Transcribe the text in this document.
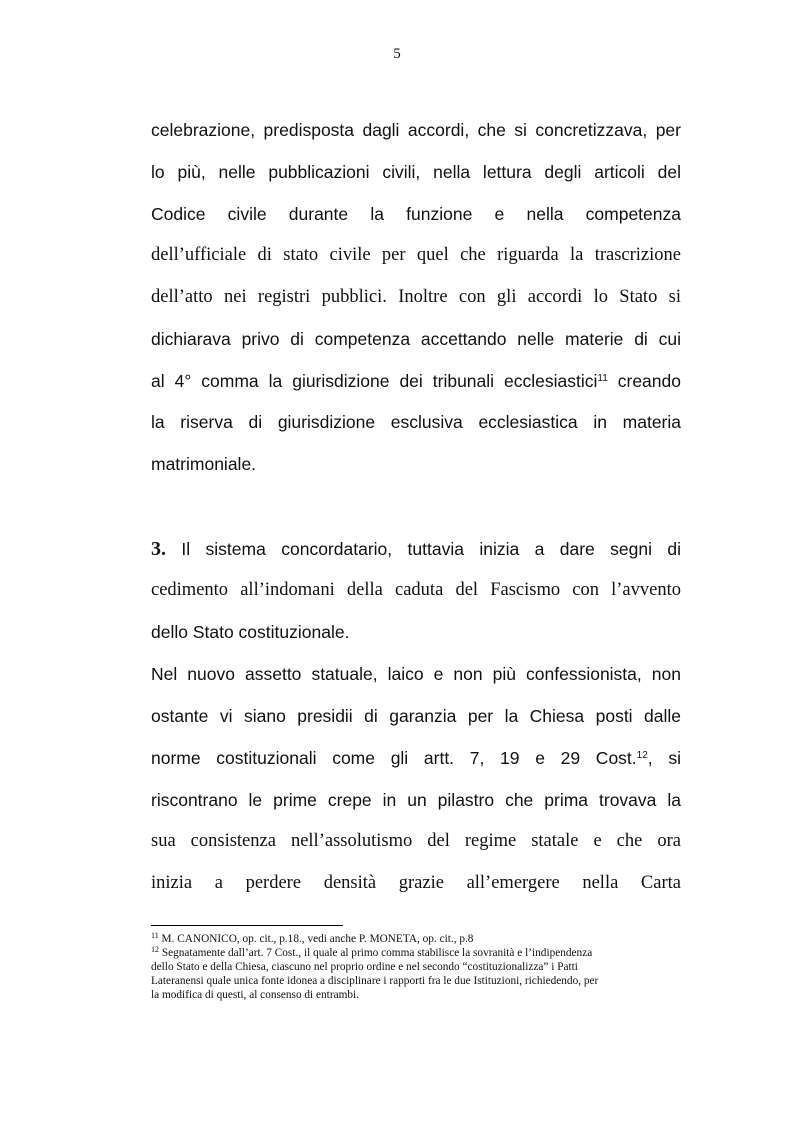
5
celebrazione, predisposta dagli accordi, che si concretizzava, per
lo più, nelle pubblicazioni civili, nella lettura degli articoli del
Codice civile durante la funzione e nella competenza
dell’ufficiale di stato civile per quel che riguarda la trascrizione
dell’atto nei registri pubblici. Inoltre con gli accordi lo Stato si
dichiarava privo di competenza accettando nelle materie di cui
al 4° comma la giurisdizione dei tribunali ecclesiastici$^{11}$ creando
la riserva di giurisdizione esclusiva ecclesiastica in materia
matrimoniale.
3. Il sistema concordatario, tuttavia inizia a dare segni di
cedimento all’indomani della caduta del Fascismo con l’avvento
dello Stato costituzionale.
Nel nuovo assetto statuale, laico e non più confessionista, non
ostante vi siano presidii di garanzia per la Chiesa posti dalle
norme costituzionali come gli artt. 7, 19 e 29 Cost.$^{12}$, si
riscontrano le prime crepe in un pilastro che prima trovava la
sua consistenza nell’assolutismo del regime statale e che ora
inizia a perdere densità grazie all’emergere nella Carta
$^{11}$ M. CANONICO, op. cit., p.18., vedi anche P. MONETA, op. cit., p.8
$^{12}$ Segnatamente dall’art. 7 Cost., il quale al primo comma stabilisce la sovranità e l’indipendenza
dello Stato e della Chiesa, ciascuno nel proprio ordine e nel secondo “costituzionalizza” i Patti
Lateranensi quale unica fonte idonea a disciplinare i rapporti fra le due Istituzioni, richiedendo, per
la modifica di questi, al consenso di entrambi.
